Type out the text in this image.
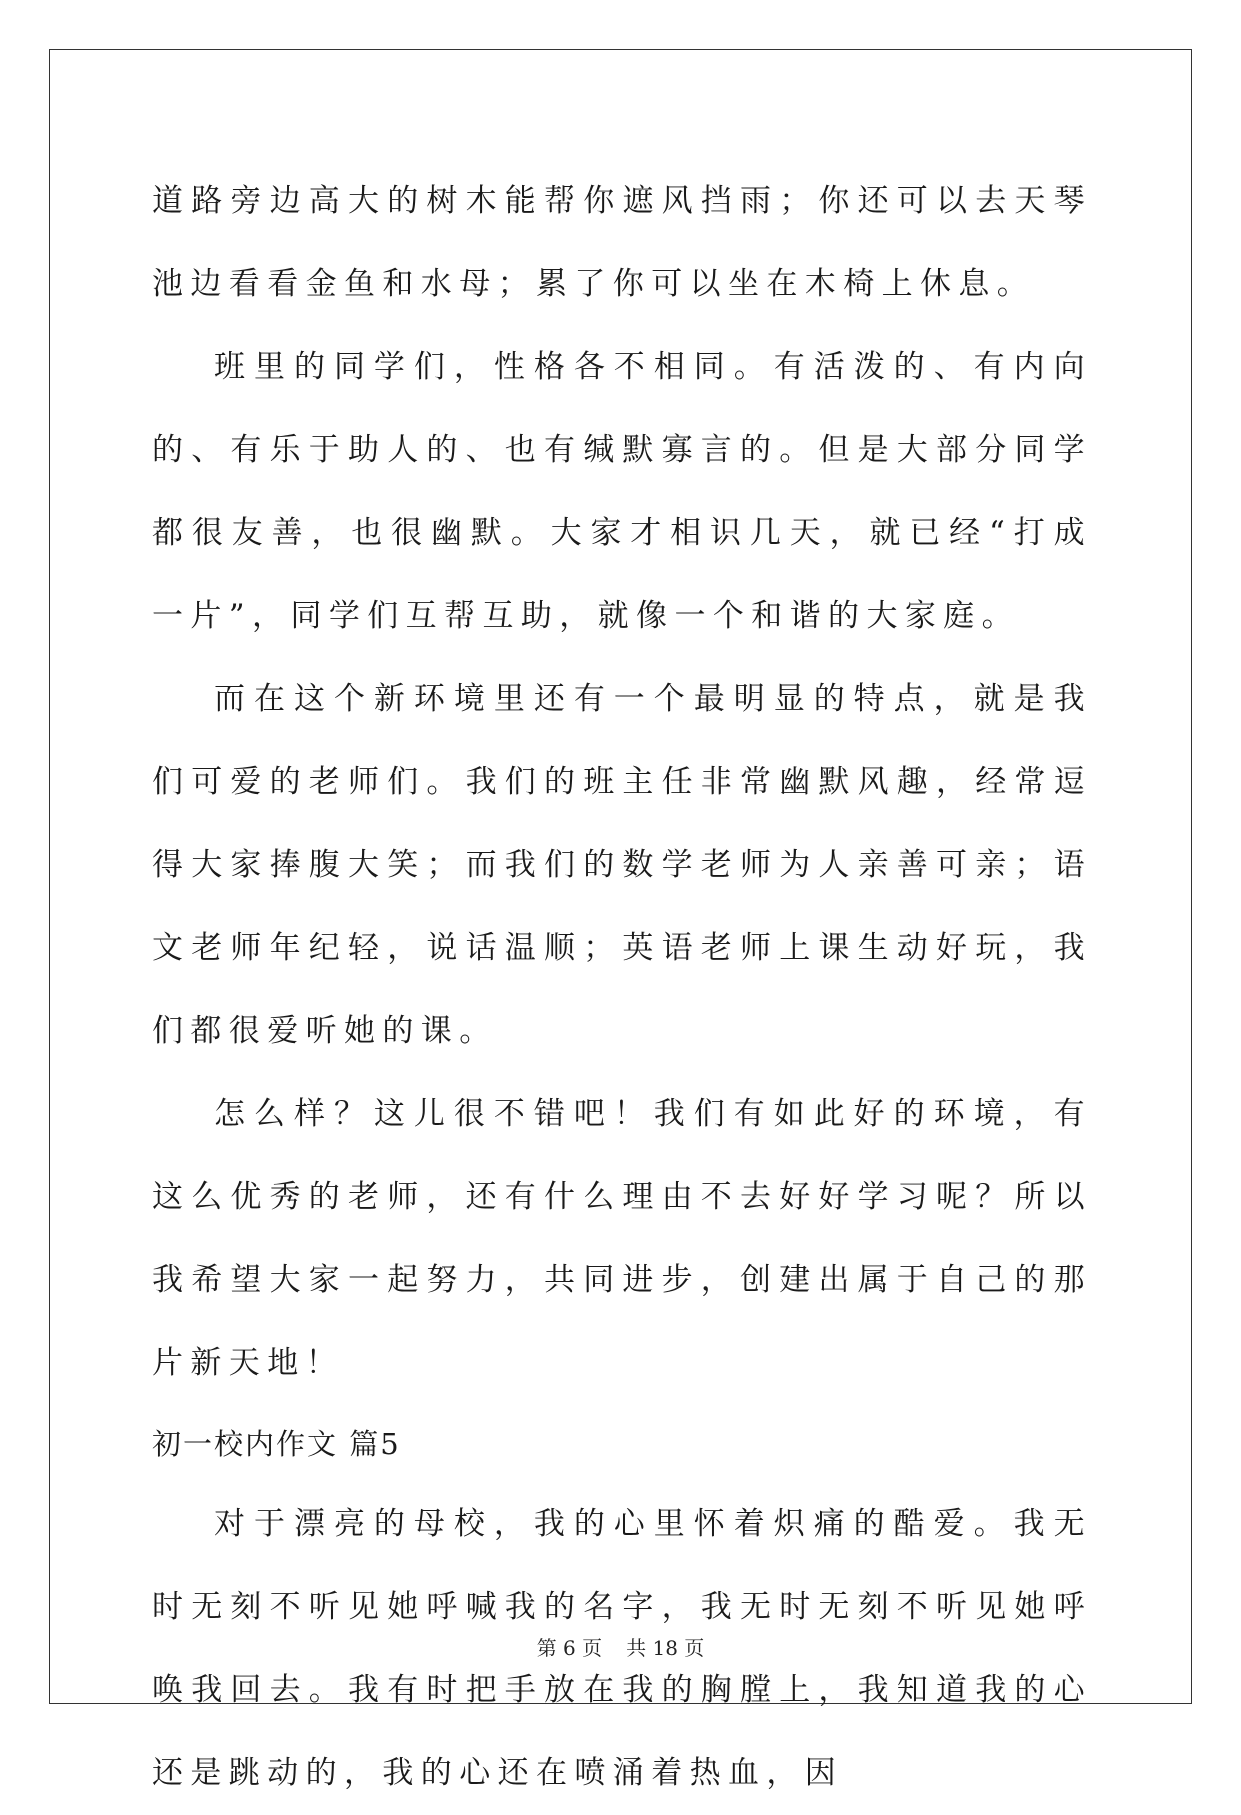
道路旁边高大的树木能帮你遮风挡雨；你还可以去天琴池边看看金鱼和水母；累了你可以坐在木椅上休息。

班里的同学们，性格各不相同。有活泼的、有内向的、有乐于助人的、也有缄默寡言的。但是大部分同学都很友善，也很幽默。大家才相识几天，就已经“打成一片”，同学们互帮互助，就像一个和谐的大家庭。

而在这个新环境里还有一个最明显的特点，就是我们可爱的老师们。我们的班主任非常幽默风趣，经常逗得大家捧腹大笑；而我们的数学老师为人亲善可亲；语文老师年纪轻，说话温顺；英语老师上课生动好玩，我们都很爱听她的课。

怎么样？这儿很不错吧！我们有如此好的环境，有这么优秀的老师，还有什么理由不去好好学习呢？所以我希望大家一起努力，共同进步，创建出属于自己的那片新天地！

初一校内作文 篇5

对于漂亮的母校，我的心里怀着炽痛的酷爱。我无时无刻不听见她呼喊我的名字，我无时无刻不听见她呼唤我回去。我有时把手放在我的胸膛上，我知道我的心还是跳动的，我的心还在喷涌着热血，因

第 6 页 共 18 页
